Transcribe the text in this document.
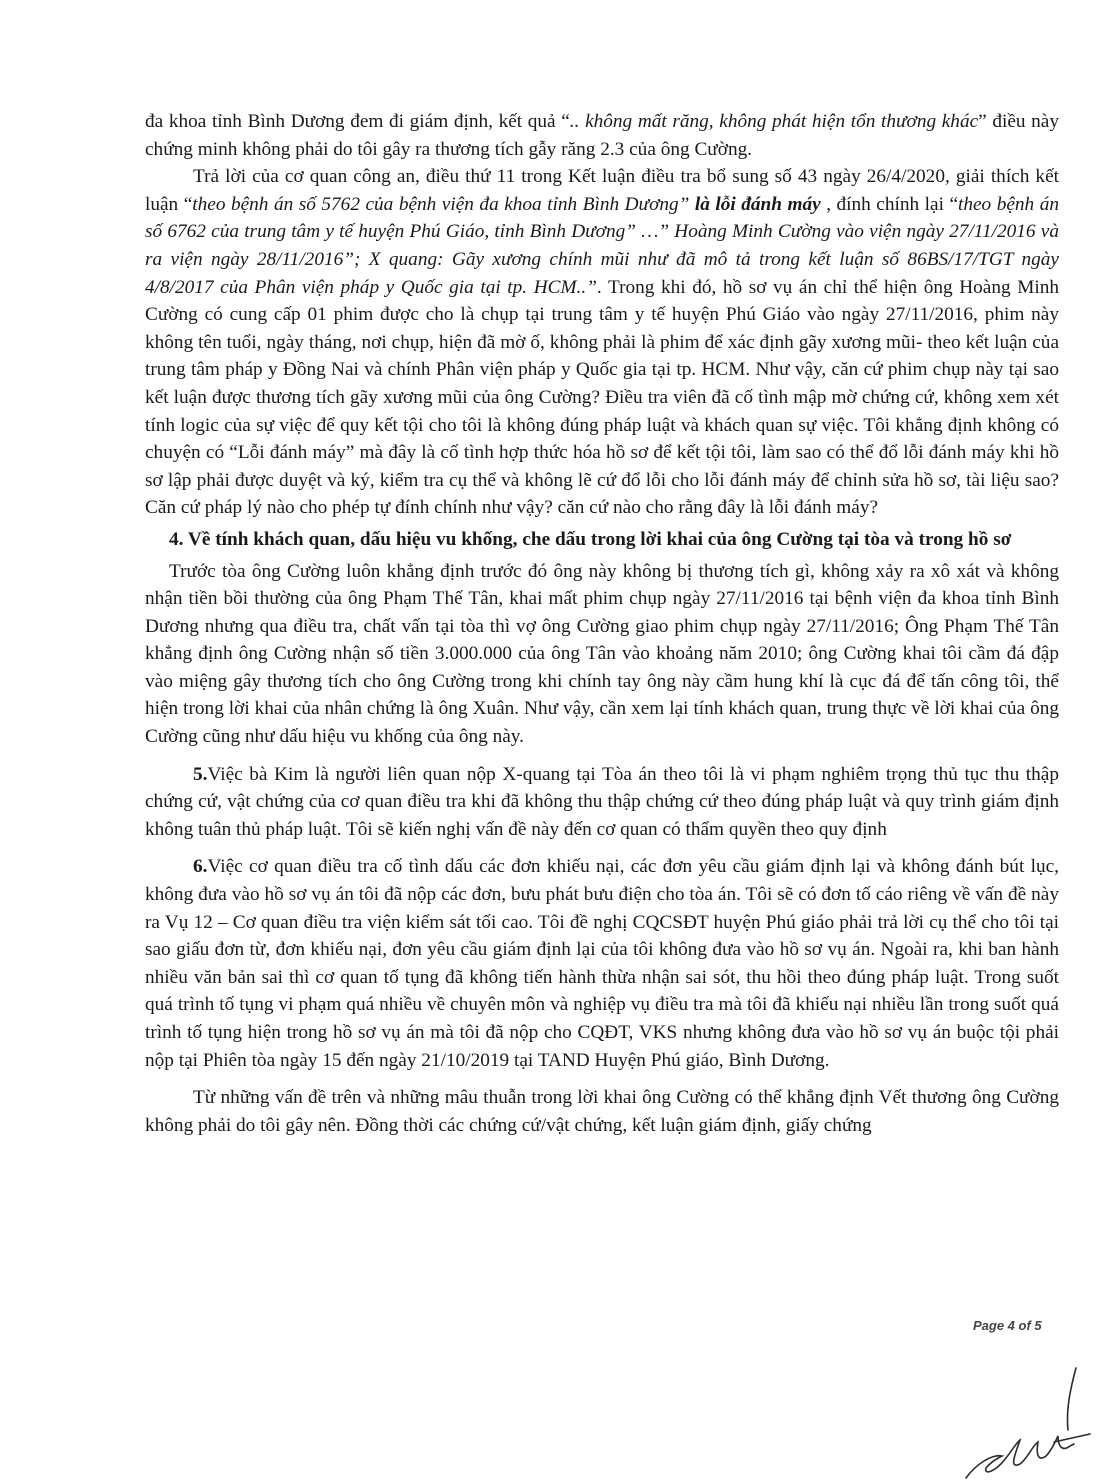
đa khoa tỉnh Bình Dương đem đi giám định, kết quả “.. không mất răng, không phát hiện tổn thương khác” điều này chứng minh không phải do tôi gây ra thương tích gẫy răng 2.3 của ông Cường.

Trả lời của cơ quan công an, điều thứ 11 trong Kết luận điều tra bổ sung số 43 ngày 26/4/2020, giải thích kết luận “theo bệnh án số 5762 của bệnh viện đa khoa tỉnh Bình Dương” là lỗi đánh máy , đính chính lại “theo bệnh án số 6762 của trung tâm y tế huyện Phú Giáo, tỉnh Bình Dương” …” Hoàng Minh Cường vào viện ngày 27/11/2016 và ra viện ngày 28/11/2016”; X quang: Gãy xương chính mũi như đã mô tả trong kết luận số 86BS/17/TGT ngày 4/8/2017 của Phân viện pháp y Quốc gia tại tp. HCM..”. Trong khi đó, hồ sơ vụ án chỉ thể hiện ông Hoàng Minh Cường có cung cấp 01 phim được cho là chụp tại trung tâm y tế huyện Phú Giáo vào ngày 27/11/2016, phim này không tên tuổi, ngày tháng, nơi chụp, hiện đã mờ ố, không phải là phim để xác định gãy xương mũi- theo kết luận của trung tâm pháp y Đồng Nai và chính Phân viện pháp y Quốc gia tại tp. HCM. Như vậy, căn cứ phim chụp này tại sao kết luận được thương tích gãy xương mũi của ông Cường? Điều tra viên đã cố tình mập mờ chứng cứ, không xem xét tính logic của sự việc để quy kết tội cho tôi là không đúng pháp luật và khách quan sự việc. Tôi khẳng định không có chuyện có “Lỗi đánh máy” mà đây là cố tình hợp thức hóa hồ sơ để kết tội tôi, làm sao có thể đổ lỗi đánh máy khi hồ sơ lập phải được duyệt và ký, kiểm tra cụ thể và không lẽ cứ đổ lỗi cho lỗi đánh máy để chỉnh sửa hồ sơ, tài liệu sao? Căn cứ pháp lý nào cho phép tự đính chính như vậy? căn cứ nào cho rằng đây là lỗi đánh máy?

4. Về tính khách quan, dấu hiệu vu khống, che dấu trong lời khai của ông Cường tại tòa và trong hồ sơ

Trước tòa ông Cường luôn khẳng định trước đó ông này không bị thương tích gì, không xảy ra xô xát và không nhận tiền bồi thường của ông Phạm Thế Tân, khai mất phim chụp ngày 27/11/2016 tại bệnh viện đa khoa tỉnh Bình Dương nhưng qua điều tra, chất vấn tại tòa thì vợ ông Cường giao phim chụp ngày 27/11/2016; Ông Phạm Thế Tân khẳng định ông Cường nhận số tiền 3.000.000 của ông Tân vào khoảng năm 2010; ông Cường khai tôi cầm đá đập vào miệng gây thương tích cho ông Cường trong khi chính tay ông này cầm hung khí là cục đá để tấn công tôi, thể hiện trong lời khai của nhân chứng là ông Xuân. Như vậy, cần xem lại tính khách quan, trung thực về lời khai của ông Cường cũng như dấu hiệu vu khống của ông này.

5.Việc bà Kim là người liên quan nộp X-quang tại Tòa án theo tôi là vi phạm nghiêm trọng thủ tục thu thập chứng cứ, vật chứng của cơ quan điều tra khi đã không thu thập chứng cứ theo đúng pháp luật và quy trình giám định không tuân thủ pháp luật. Tôi sẽ kiến nghị vấn đề này đến cơ quan có thẩm quyền theo quy định

6.Việc cơ quan điều tra cố tình dấu các đơn khiếu nại, các đơn yêu cầu giám định lại và không đánh bút lục, không đưa vào hồ sơ vụ án tôi đã nộp các đơn, bưu phát bưu điện cho tòa án. Tôi sẽ có đơn tố cáo riêng về vấn đề này ra Vụ 12 – Cơ quan điều tra viện kiểm sát tối cao. Tôi đề nghị CQCSĐT huyện Phú giáo phải trả lời cụ thể cho tôi tại sao giấu đơn từ, đơn khiếu nại, đơn yêu cầu giám định lại của tôi không đưa vào hồ sơ vụ án. Ngoài ra, khi ban hành nhiều văn bản sai thì cơ quan tố tụng đã không tiến hành thừa nhận sai sót, thu hồi theo đúng pháp luật. Trong suốt quá trình tố tụng vi phạm quá nhiều về chuyên môn và nghiệp vụ điều tra mà tôi đã khiếu nại nhiều lần trong suốt quá trình tố tụng hiện trong hồ sơ vụ án mà tôi đã nộp cho CQĐT, VKS nhưng không đưa vào hồ sơ vụ án buộc tội phải nộp tại Phiên tòa ngày 15 đến ngày 21/10/2019 tại TAND Huyện Phú giáo, Bình Dương.

Từ những vấn đề trên và những mâu thuẫn trong lời khai ông Cường có thể khẳng định Vết thương ông Cường không phải do tôi gây nên. Đồng thời các chứng cứ/vật chứng, kết luận giám định, giấy chứng

Page 4 of 5
